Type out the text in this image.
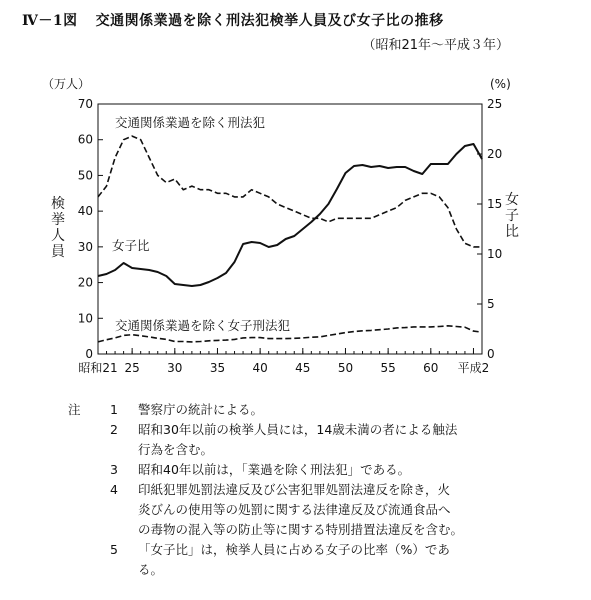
Ⅳ－1図 交通関係業過を除く刑法犯検挙人員及び女子比の推移
（昭和21年～平成３年）
0
10
20
30
40
50
60
70
0
5
10
15
20
25
昭和21 25 30 35 40 45 50 55 60 平成2
（万人）	(%)
検
挙
人
員
女
子
比
交通関係業過を除く刑法犯
女子比
交通関係業過を除く女子刑法犯
注 1 警察庁の統計による。
2 昭和30年以前の検挙人員には，14歳未満の者による触法
行為を含む。
3 昭和40年以前は，「業過を除く刑法犯」である。
4 印紙犯罪処罰法違反及び公害犯罪処罰法違反を除き，火
炎びんの使用等の処罰に関する法律違反及び流通食品へ
の毒物の混入等の防止等に関する特別措置法違反を含む。
5 「女子比」は，検挙人員に占める女子の比率（%）であ
る。
